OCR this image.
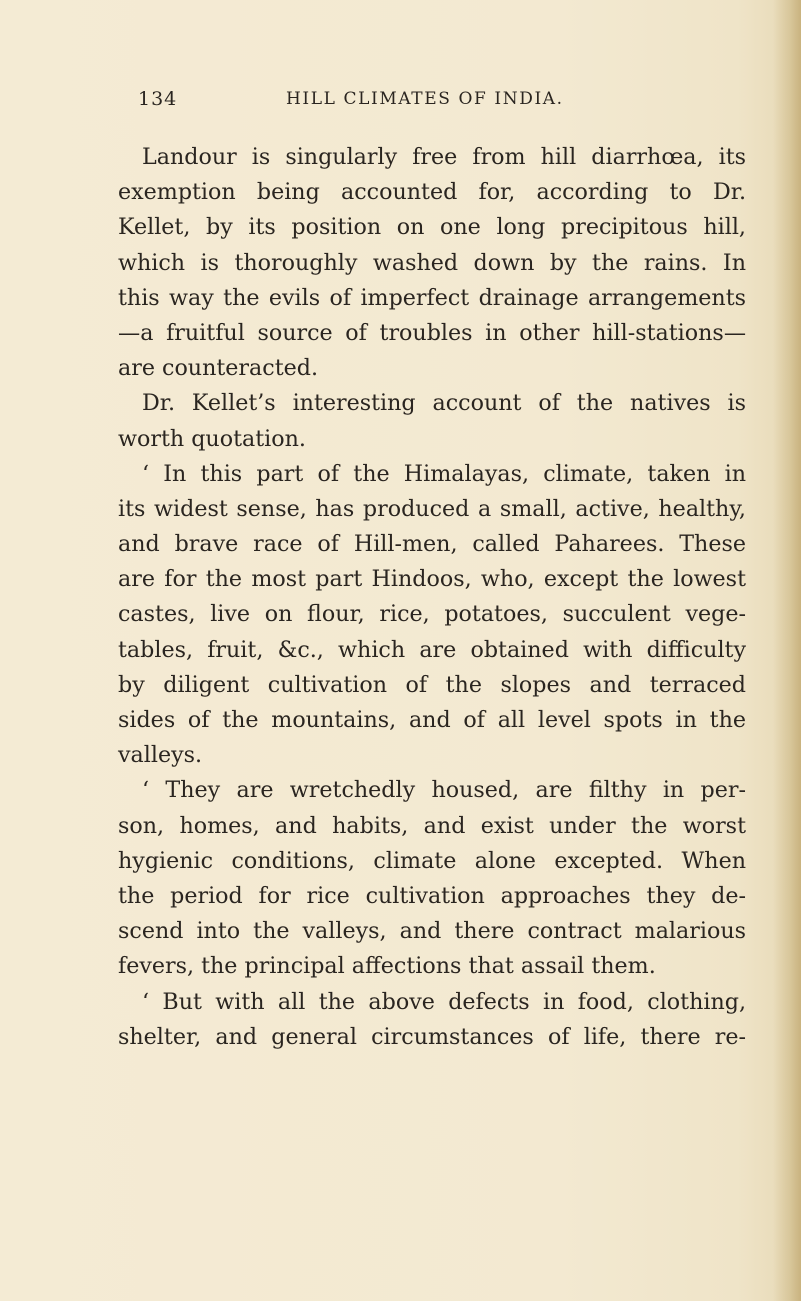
134	HILL CLIMATES OF INDIA.
Landour is singularly free from hill diarrhœa, its
exemption being accounted for, according to Dr.
Kellet, by its position on one long precipitous hill,
which is thoroughly washed down by the rains. In
this way the evils of imperfect drainage arrangements
—a fruitful source of troubles in other hill-stations—
are counteracted.
Dr. Kellet’s interesting account of the natives is
worth quotation.
‘ In this part of the Himalayas, climate, taken in
its widest sense, has produced a small, active, healthy,
and brave race of Hill-men, called Paharees. These
are for the most part Hindoos, who, except the lowest
castes, live on flour, rice, potatoes, succulent vege-
tables, fruit, &c., which are obtained with difficulty
by diligent cultivation of the slopes and terraced
sides of the mountains, and of all level spots in the
valleys.
‘ They are wretchedly housed, are filthy in per-
son, homes, and habits, and exist under the worst
hygienic conditions, climate alone excepted. When
the period for rice cultivation approaches they de-
scend into the valleys, and there contract malarious
fevers, the principal affections that assail them.
‘ But with all the above defects in food, clothing,
shelter, and general circumstances of life, there re-
